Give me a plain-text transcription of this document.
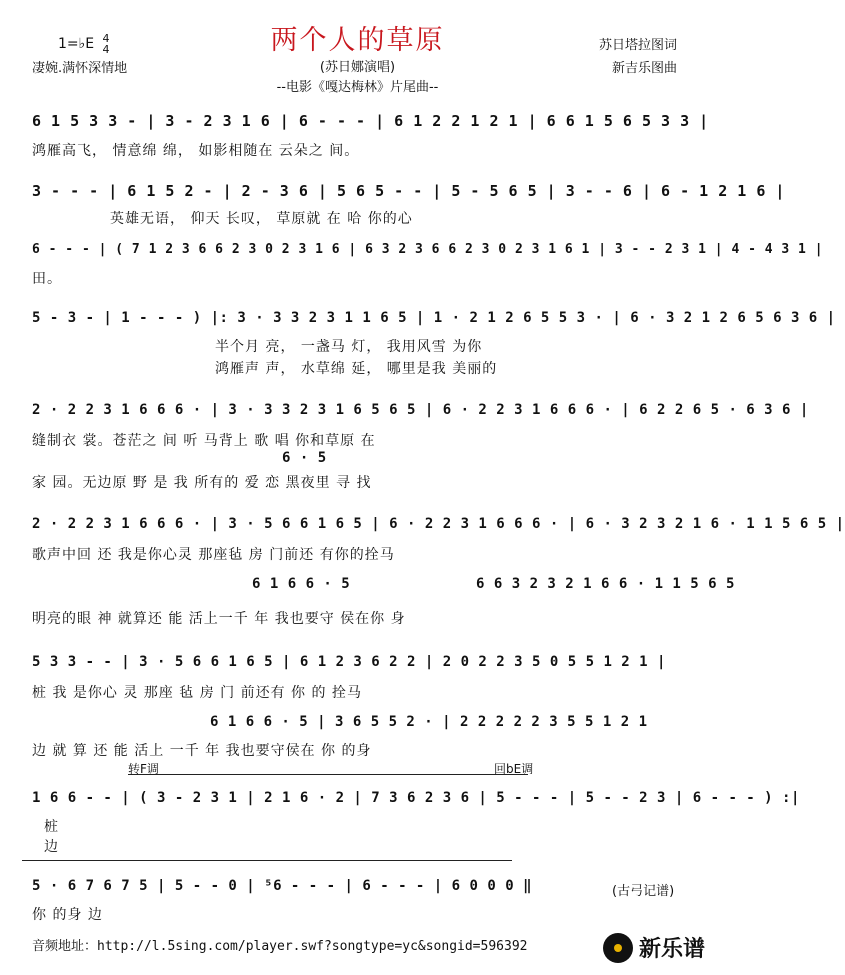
两个人的草原
1=♭E 4
4
凄婉.满怀深情地	(苏日娜演唱)
--电影《嘎达梅林》片尾曲--
苏日塔拉图词
新吉乐图曲
6 1 5 3 3 - | 3 - 2 3 1 6 | 6 - - - | 6 1 2 2 1 2 1 | 6 6 1 5 6 5 3 3 |
鸿雁高飞， 情意绵 绵， 如影相随在 云朵之 间。
3 - - - | 6 1 5 2 - | 2 - 3 6 | 5 6 5 - - | 5 - 5 6 5 | 3 - - 6 | 6 - 1 2 1 6 |
英雄无语， 仰天 长叹， 草原就 在 哈 你的心
6 - - - | ( 7 1 2 3 6 6 2 3 0 2 3 1 6 | 6 3 2 3 6 6 2 3 0 2 3 1 6 1 | 3 - - 2 3 1 | 4 - 4 3 1 |
田。
5 - 3 - | 1 - - - ) |: 3 · 3 3 2 3 1 1 6 5 | 1 · 2 1 2 6 5 5 3 · | 6 · 3 2 1 2 6 5 6 3 6 |
半个月 亮， 一盏马 灯， 我用风雪 为你
鸿雁声 声， 水草绵 延， 哪里是我 美丽的
2 · 2 2 3 1 6 6 6 · | 3 · 3 3 2 3 1 6 5 6 5 | 6 · 2 2 3 1 6 6 6 · | 6 2 2 6 5 · 6 3 6 |
缝制衣 裳。苍茫之 间 听 马背上 歌 唱 你和草原 在
6 · 5
家 园。无边原 野 是 我 所有的 爱 恋 黑夜里 寻 找
2 · 2 2 3 1 6 6 6 · | 3 · 5 6 6 1 6 5 | 6 · 2 2 3 1 6 6 6 · | 6 · 3 2 3 2 1 6 · 1 1 5 6 5 |
歌声中回 还 我是你心灵 那座毡 房 门前还 有你的拴马
6 1 6 6 · 5	6 6 3 2 3 2 1 6 6 · 1 1 5 6 5
明亮的眼 神 就算还 能 活上一千 年 我也要守 侯在你 身
5 3 3 - - | 3 · 5 6 6 1 6 5 | 6 1 2 3 6 2 2 | 2 0 2 2 3 5 0 5 5 1 2 1 |
桩 我 是你心 灵 那座 毡 房 门 前还有 你 的 拴马
6 1 6 6 · 5 | 3 6 5 5 2 · | 2 2 2 2 2 3 5 5 1 2 1
边 就 算 还 能 活上 一千 年 我也要守侯在 你 的身
转F调	回bE调
1 6 6 - - | ( 3 - 2 3 1 | 2 1 6 · 2 | 7 3 6 2 3 6 | 5 - - - | 5 - - 2 3 | 6 - - - ) :|
桩
边
5 · 6 7 6 7 5 | 5 - - 0 | ⁵6 - - - | 6 - - - | 6 0 0 0 ‖
你 的身 边
(古弓记谱)
音频地址：http://l.5sing.com/player.swf?songtype=yc&songid=596392	新乐谱
